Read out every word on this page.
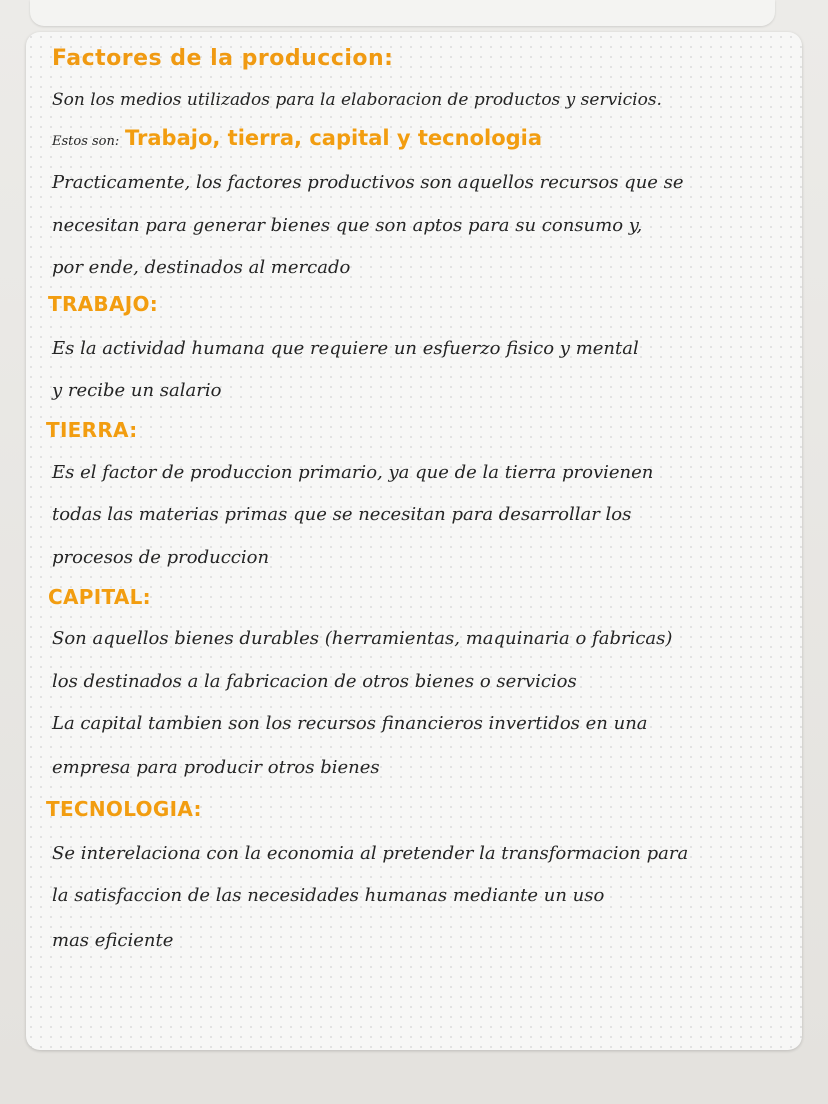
Factores de la produccion:
Son los medios utilizados para la elaboracion de productos y servicios.
Estos son: Trabajo, tierra, capital y tecnologia
Practicamente, los factores productivos son aquellos recursos que se
necesitan para generar bienes que son aptos para su consumo y,
por ende, destinados al mercado
TRABAJO:
Es la actividad humana que requiere un esfuerzo fisico y mental
y recibe un salario
TIERRA:
Es el factor de produccion primario, ya que de la tierra provienen
todas las materias primas que se necesitan para desarrollar los
procesos de produccion
CAPITAL:
Son aquellos bienes durables (herramientas, maquinaria o fabricas)
los destinados a la fabricacion de otros bienes o servicios
La capital tambien son los recursos financieros invertidos en una
empresa para producir otros bienes
TECNOLOGIA:
Se interelaciona con la economia al pretender la transformacion para
la satisfaccion de las necesidades humanas mediante un uso
mas eficiente
